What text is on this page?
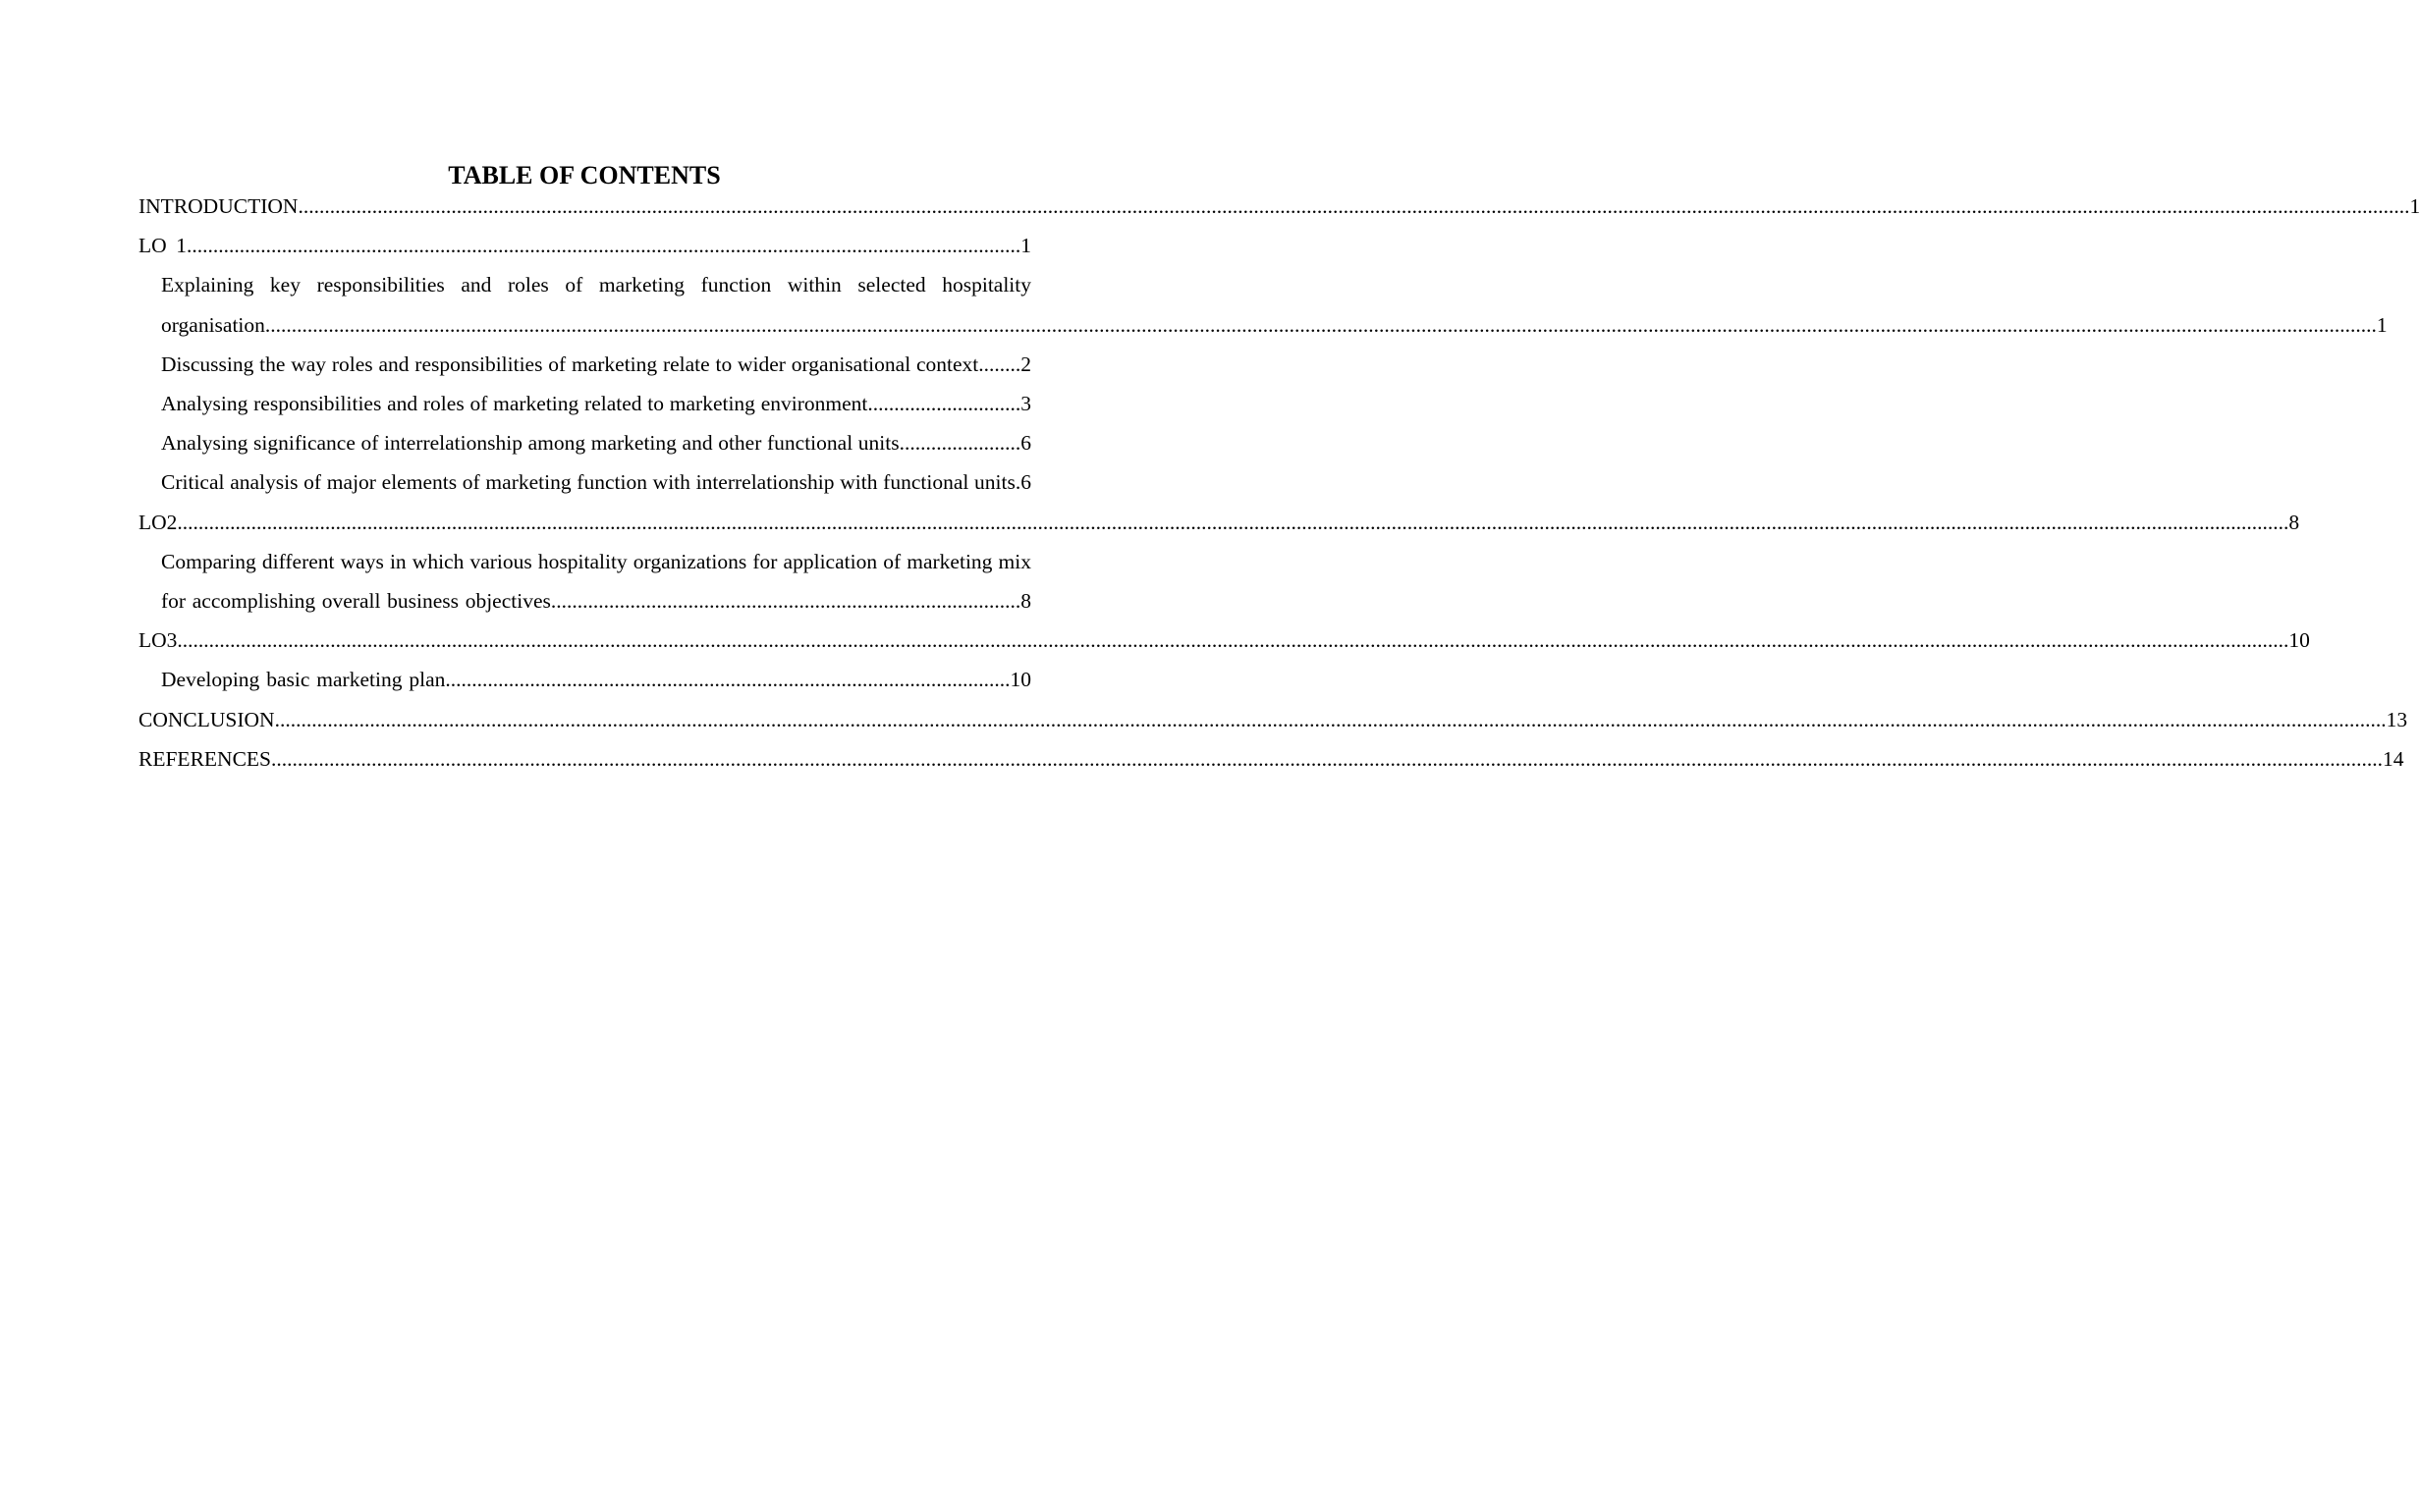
TABLE OF CONTENTS
INTRODUCTION................................................................................................................................................................................................................................................................................................................................................................................................................1
LO 1..............................................................................................................................................................1
Explaining key responsibilities and roles of marketing function within selected hospitality organisation................................................................................................................................................................................................................................................................................................................................................................................................................1
Discussing the way roles and responsibilities of marketing relate to wider organisational context........2
Analysing responsibilities and roles of marketing related to marketing environment.............................3
Analysing significance of interrelationship among marketing and other functional units.......................6
Critical analysis of major elements of marketing function with interrelationship with functional units.6
LO2................................................................................................................................................................................................................................................................................................................................................................................................................8
Comparing different ways in which various hospitality organizations for application of marketing mix for accomplishing overall business objectives.........................................................................................8
LO3................................................................................................................................................................................................................................................................................................................................................................................................................10
Developing basic marketing plan...........................................................................................................10
CONCLUSION................................................................................................................................................................................................................................................................................................................................................................................................................13
REFERENCES................................................................................................................................................................................................................................................................................................................................................................................................................14
